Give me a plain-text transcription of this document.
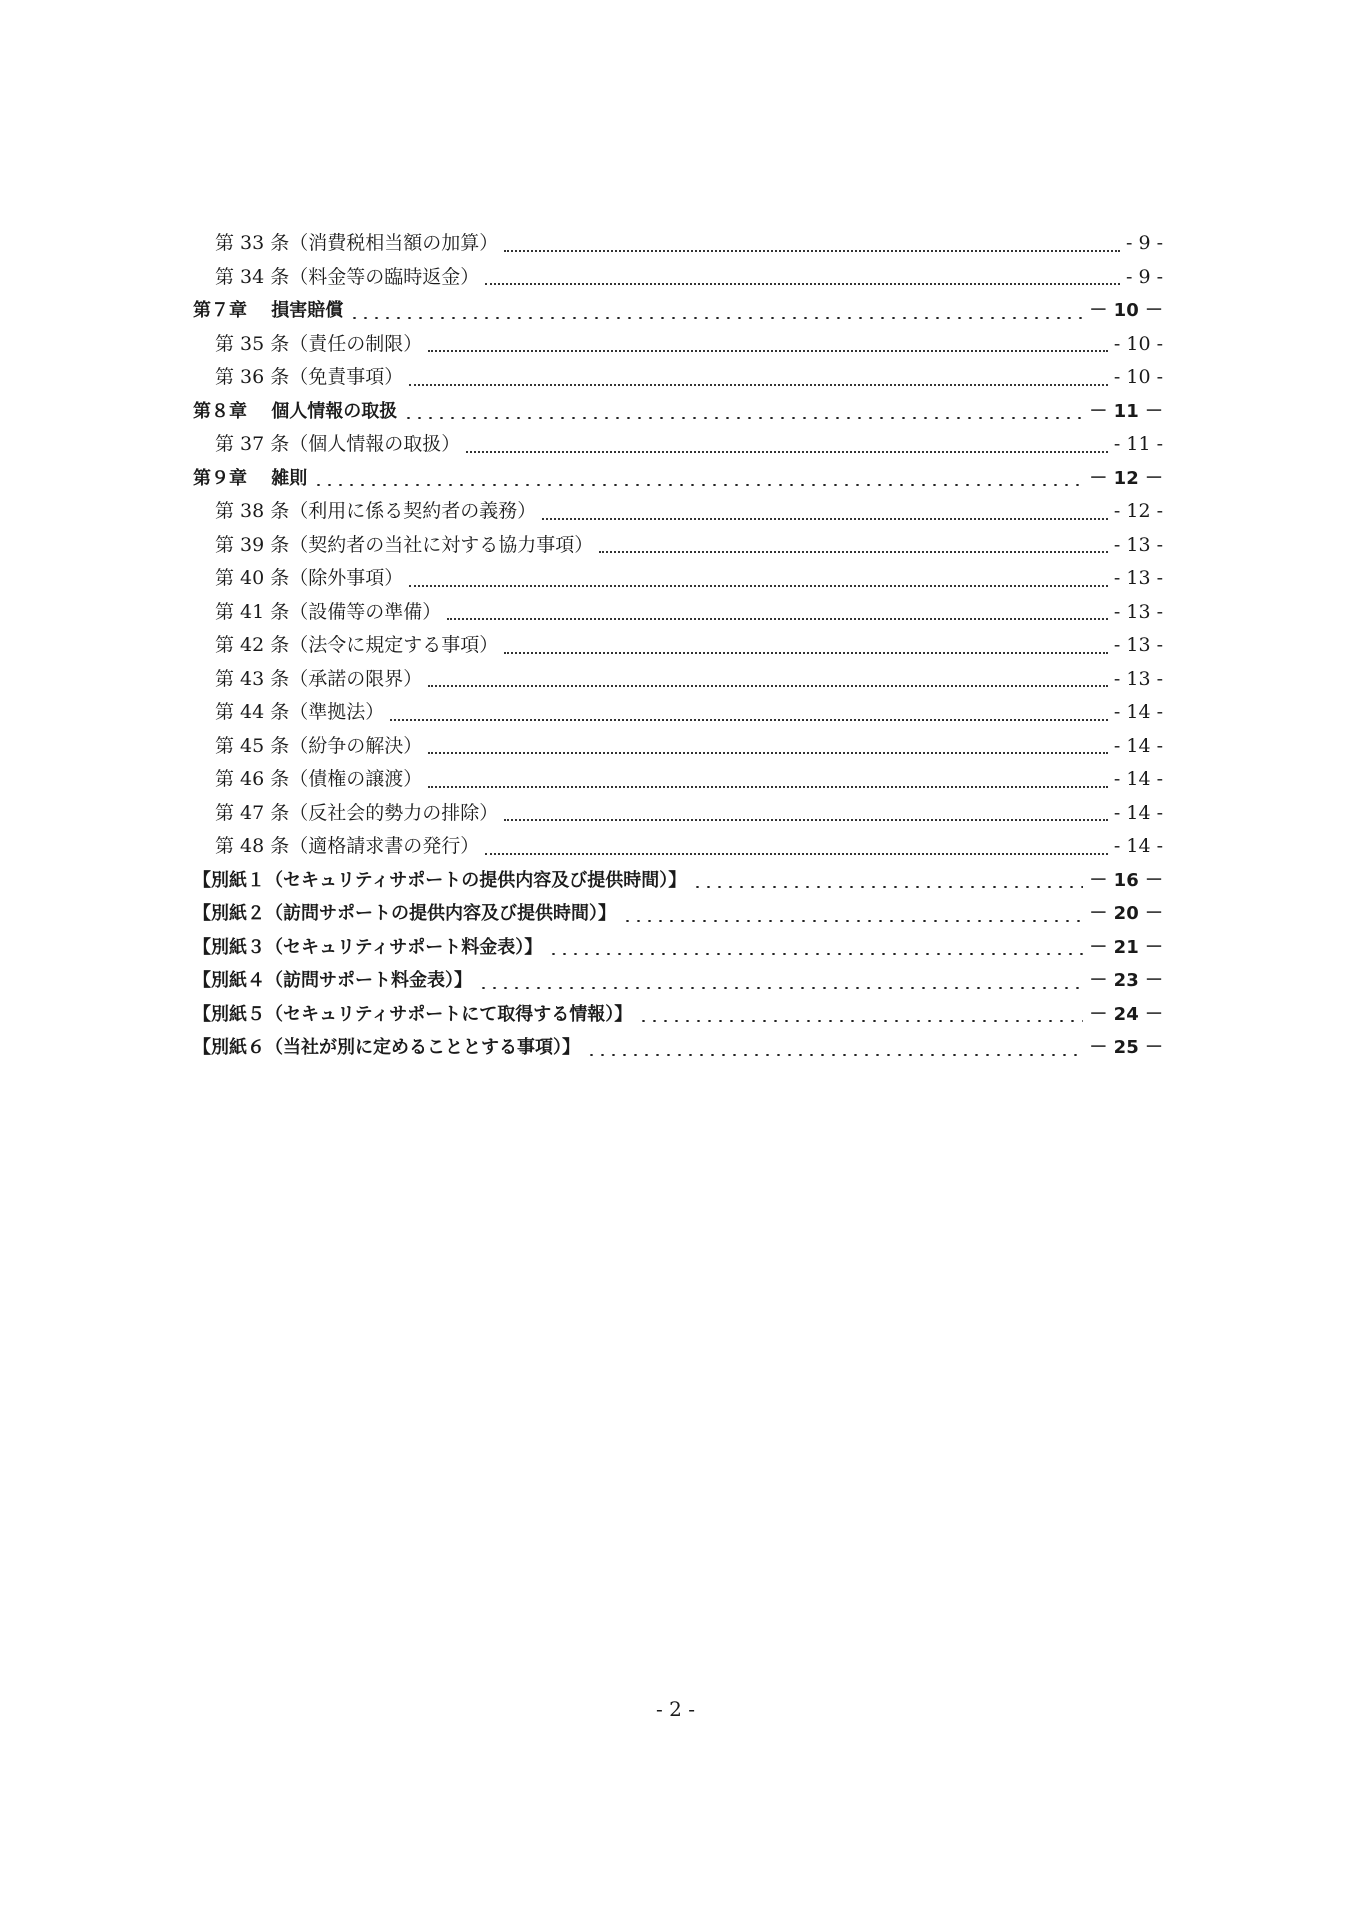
第 33 条（消費税相当額の加算）	- 9 -
第 34 条（料金等の臨時返金）	- 9 -
第７章　 損害賠償	－ 10 －
第 35 条（責任の制限）	- 10 -
第 36 条（免責事項）	- 10 -
第８章　 個人情報の取扱	－ 11 －
第 37 条（個人情報の取扱）	- 11 -
第９章　 雑則	－ 12 －
第 38 条（利用に係る契約者の義務）	- 12 -
第 39 条（契約者の当社に対する協力事項）	- 13 -
第 40 条（除外事項）	- 13 -
第 41 条（設備等の準備）	- 13 -
第 42 条（法令に規定する事項）	- 13 -
第 43 条（承諾の限界）	- 13 -
第 44 条（準拠法）	- 14 -
第 45 条（紛争の解決）	- 14 -
第 46 条（債権の譲渡）	- 14 -
第 47 条（反社会的勢力の排除）	- 14 -
第 48 条（適格請求書の発行）	- 14 -
【別紙１（セキュリティサポートの提供内容及び提供時間）】	－ 16 －
【別紙２（訪問サポートの提供内容及び提供時間）】	－ 20 －
【別紙３（セキュリティサポート料金表）】	－ 21 －
【別紙４（訪問サポート料金表）】	－ 23 －
【別紙５（セキュリティサポートにて取得する情報）】	－ 24 －
【別紙６（当社が別に定めることとする事項）】	－ 25 －
- 2 -
